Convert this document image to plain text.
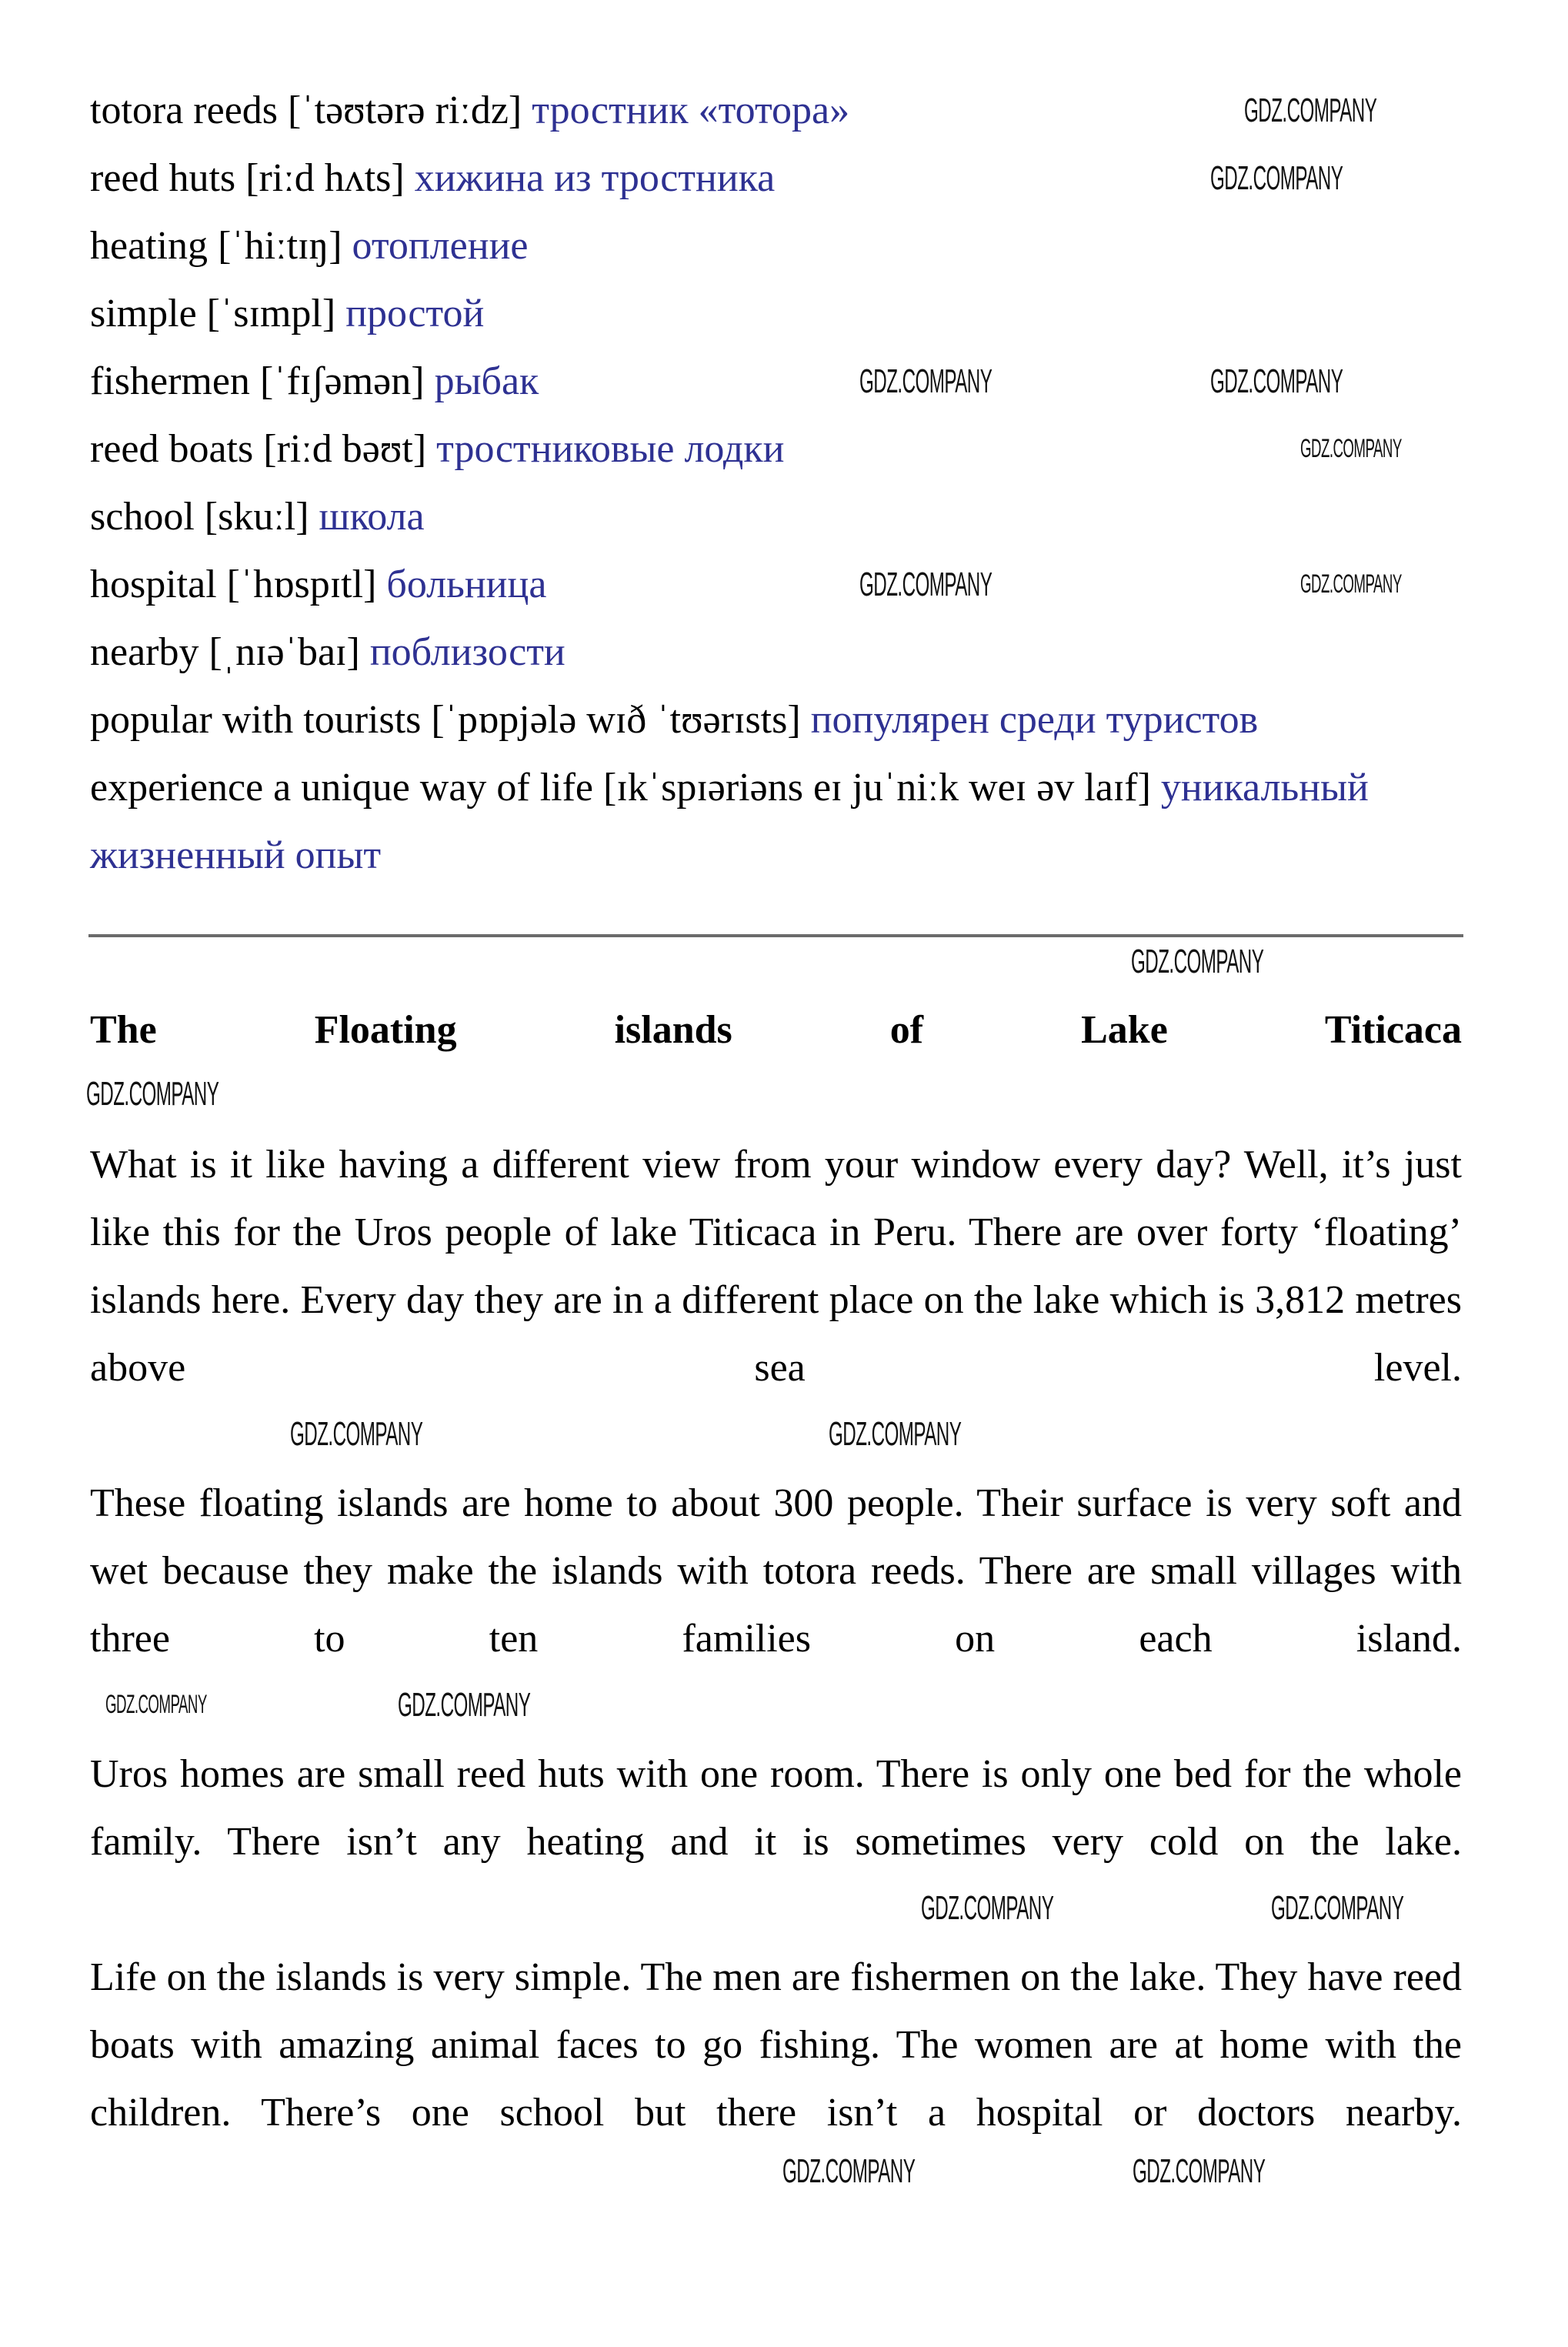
totora reeds [ˈtəʊtərə riːdz] тростник «тотора»	GDZ.COMPANY
reed huts [riːd hʌts] хижина из тростника	GDZ.COMPANY
heating [ˈhiːtɪŋ] отопление
simple [ˈsɪmpl] простой
fishermen [ˈfɪʃəmən] рыбак	GDZ.COMPANY	GDZ.COMPANY
reed boats [riːd bəʊt] тростниковые лодки	GDZ.COMPANY
school [skuːl] школа
hospital [ˈhɒspɪtl] больница	GDZ.COMPANY	GDZ.COMPANY
nearby [ˌnɪəˈbaɪ] поблизости
popular with tourists [ˈpɒpjələ wɪð ˈtʊərɪsts] популярен среди туристов
experience a unique way of life [ɪkˈspɪəriəns eɪ juˈniːk weɪ əv laɪf] уникальный жизненный опыт
GDZ.COMPANY
The Floating islands of Lake Titicaca
GDZ.COMPANY

What is it like having a different view from your window every day? Well, it’s just like this for the Uros people of lake Titicaca in Peru. There are over forty ‘floating’ islands here. Every day they are in a different place on the lake which is 3,812 metres above sea level.

GDZ.COMPANY	GDZ.COMPANY

These floating islands are home to about 300 people. Their surface is very soft and wet because they make the islands with totora reeds. There are small villages with three to ten families on each island.

GDZ.COMPANY	GDZ.COMPANY

Uros homes are small reed huts with one room. There is only one bed for the whole family. There isn’t any heating and it is sometimes very cold on the lake.

GDZ.COMPANY	GDZ.COMPANY

Life on the islands is very simple. The men are fishermen on the lake. They have reed boats with amazing animal faces to go fishing. The women are at home with the children. There’s one school but there isn’t a hospital or doctors nearby.

GDZ.COMPANY	GDZ.COMPANY
